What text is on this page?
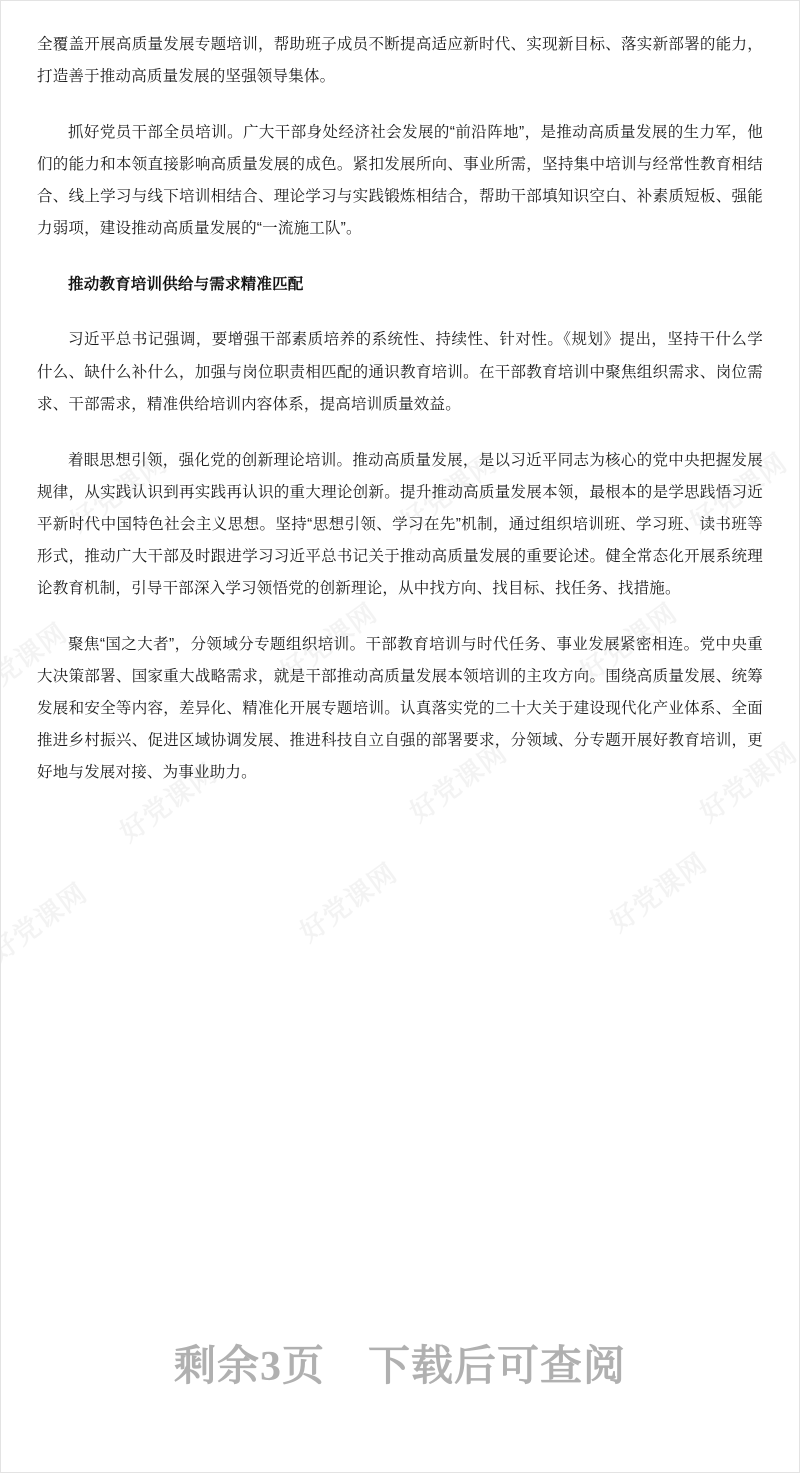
全覆盖开展高质量发展专题培训，帮助班子成员不断提高适应新时代、实现新目标、落实新部署的能力，打造善于推动高质量发展的坚强领导集体。

抓好党员干部全员培训。广大干部身处经济社会发展的“前沿阵地”，是推动高质量发展的生力军，他们的能力和本领直接影响高质量发展的成色。紧扣发展所向、事业所需，坚持集中培训与经常性教育相结合、线上学习与线下培训相结合、理论学习与实践锻炼相结合，帮助干部填知识空白、补素质短板、强能力弱项，建设推动高质量发展的“一流施工队”。

推动教育培训供给与需求精准匹配

习近平总书记强调，要增强干部素质培养的系统性、持续性、针对性。《规划》提出，坚持干什么学什么、缺什么补什么，加强与岗位职责相匹配的通识教育培训。在干部教育培训中聚焦组织需求、岗位需求、干部需求，精准供给培训内容体系，提高培训质量效益。

着眼思想引领，强化党的创新理论培训。推动高质量发展，是以习近平同志为核心的党中央把握发展规律，从实践认识到再实践再认识的重大理论创新。提升推动高质量发展本领，最根本的是学思践悟习近平新时代中国特色社会主义思想。坚持“思想引领、学习在先”机制，通过组织培训班、学习班、读书班等形式，推动广大干部及时跟进学习习近平总书记关于推动高质量发展的重要论述。健全常态化开展系统理论教育机制，引导干部深入学习领悟党的创新理论，从中找方向、找目标、找任务、找措施。

聚焦“国之大者”，分领域分专题组织培训。干部教育培训与时代任务、事业发展紧密相连。党中央重大决策部署、国家重大战略需求，就是干部推动高质量发展本领培训的主攻方向。围绕高质量发展、统筹发展和安全等内容，差异化、精准化开展专题培训。认真落实党的二十大关于建设现代化产业体系、全面推进乡村振兴、促进区域协调发展、推进科技自立自强的部署要求，分领域、分专题开展好教育培训，更好地与发展对接、为事业助力。

剩余3页　下载后可查阅
